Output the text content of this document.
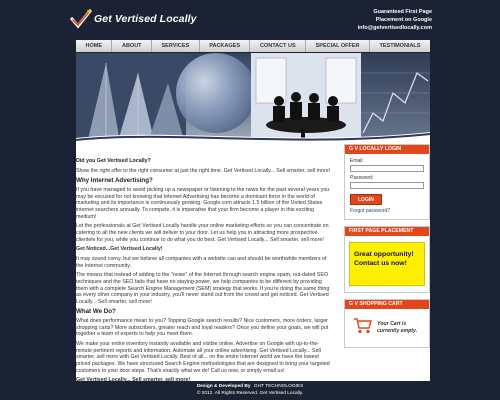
Get Vertised Locally
Guaranteed First Page
Placement on Google
info@getvertisedlocally.com
HOME	ABOUT	SERVICES	PACKAGES	CONTACT US	SPECIAL OFFER	TESTIMONIALS

Did you Get Vertised Locally?

Show the right offer to the right consumer at just the right time. Get Vertised Locally... Sell smarter, sell more!

Why Internet Advertising?

If you have managed to avoid picking up a newspaper or listening to the news for the past several years you may be excused for not knowing that Internet Advertising has become a dominant force in the world of marketing and its importance is continuously growing. Google.com attracts 1.5 billion of the United States internet searchers annually. To compete, it is imperative that your firm become a player in this exciting medium!

Let the professionals at Get Vertised Locally handle your online marketing efforts so you can concentrate on catering to all the new clients we will deliver to your door. Let us help you in attracting more prospective clientele for you, while you continue to do what you do best. Get Vertised Locally... Sell smarter, sell more!

Get Noticed...Get Vertised Locally!

It may sound corny, but we believe all companies with a website can and should be worthwhile members of the Internet community.

The means that instead of adding to the "noise" of the Internet through search engine spam, out-dated SEO techniques and the SEO fads that have no staying-power, we help companies to be different by providing them with a complete Search Engine Management (SEM) strategy that works. If you're doing the same thing as every other company in your industry, you'll never stand out from the crowd and get noticed. Get Vertised Locally... Sell smarter, sell more!

What We Do?

What does performance mean to you? Topping Google search results? Nice customers, more orders, larger shopping carts? More subscribers, greater reach and loyal readers? Once you define your goals, we will put together a team of experts to help you meet them.

We make your entire inventory instantly available and visible online. Advertise on Google with up-to-the-minute pertinent reports and information. Automate all your online advertising. Get Vertised Locally... Sell smarter, sell more with Get Vertised Locally. Best of all... on the entire Internet world we have the lowest priced packages. We have structured Search Engine methodologies that are designed to bring your targeted customers to your door steps. That's exactly what we do! Call us now, or simply email us!

G V LOCALLY LOGIN
Email:
Password:
LOGIN
Forgot password?
FIRST PAGE PLACEMENT
Great opportunity! Contact us now!
G V SHOPPING CART
Your Cart is
currently empty.
Design & Developed By GHT TECHNOLOGIES
© 2012. All Rights Reserved. Get Vertised Locally.
